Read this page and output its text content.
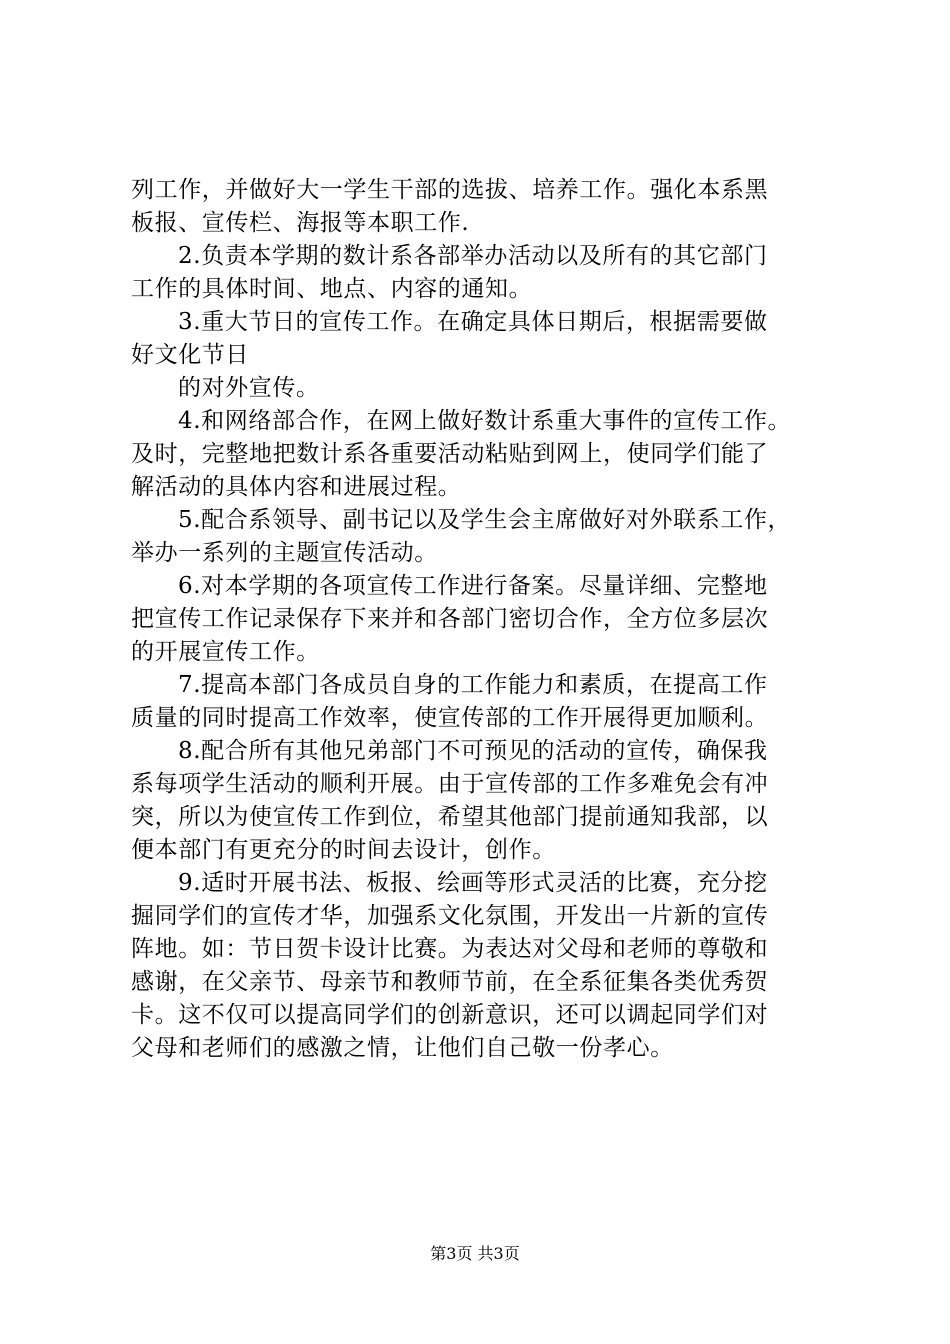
列工作，并做好大一学生干部的选拔、培养工作。强化本系黑
板报、宣传栏、海报等本职工作.
2.负责本学期的数计系各部举办活动以及所有的其它部门
工作的具体时间、地点、内容的通知。
3.重大节日的宣传工作。在确定具体日期后，根据需要做
好文化节日
的对外宣传。
4.和网络部合作，在网上做好数计系重大事件的宣传工作。
及时，完整地把数计系各重要活动粘贴到网上，使同学们能了
解活动的具体内容和进展过程。
5.配合系领导、副书记以及学生会主席做好对外联系工作，
举办一系列的主题宣传活动。
6.对本学期的各项宣传工作进行备案。尽量详细、完整地
把宣传工作记录保存下来并和各部门密切合作，全方位多层次
的开展宣传工作。
7.提高本部门各成员自身的工作能力和素质，在提高工作
质量的同时提高工作效率，使宣传部的工作开展得更加顺利。
8.配合所有其他兄弟部门不可预见的活动的宣传，确保我
系每项学生活动的顺利开展。由于宣传部的工作多难免会有冲
突，所以为使宣传工作到位，希望其他部门提前通知我部，以
便本部门有更充分的时间去设计，创作。
9.适时开展书法、板报、绘画等形式灵活的比赛，充分挖
掘同学们的宣传才华，加强系文化氛围，开发出一片新的宣传
阵地。如：节日贺卡设计比赛。为表达对父母和老师的尊敬和
感谢，在父亲节、母亲节和教师节前，在全系征集各类优秀贺
卡。这不仅可以提高同学们的创新意识，还可以调起同学们对
父母和老师们的感激之情，让他们自己敬一份孝心。
第3页 共3页
